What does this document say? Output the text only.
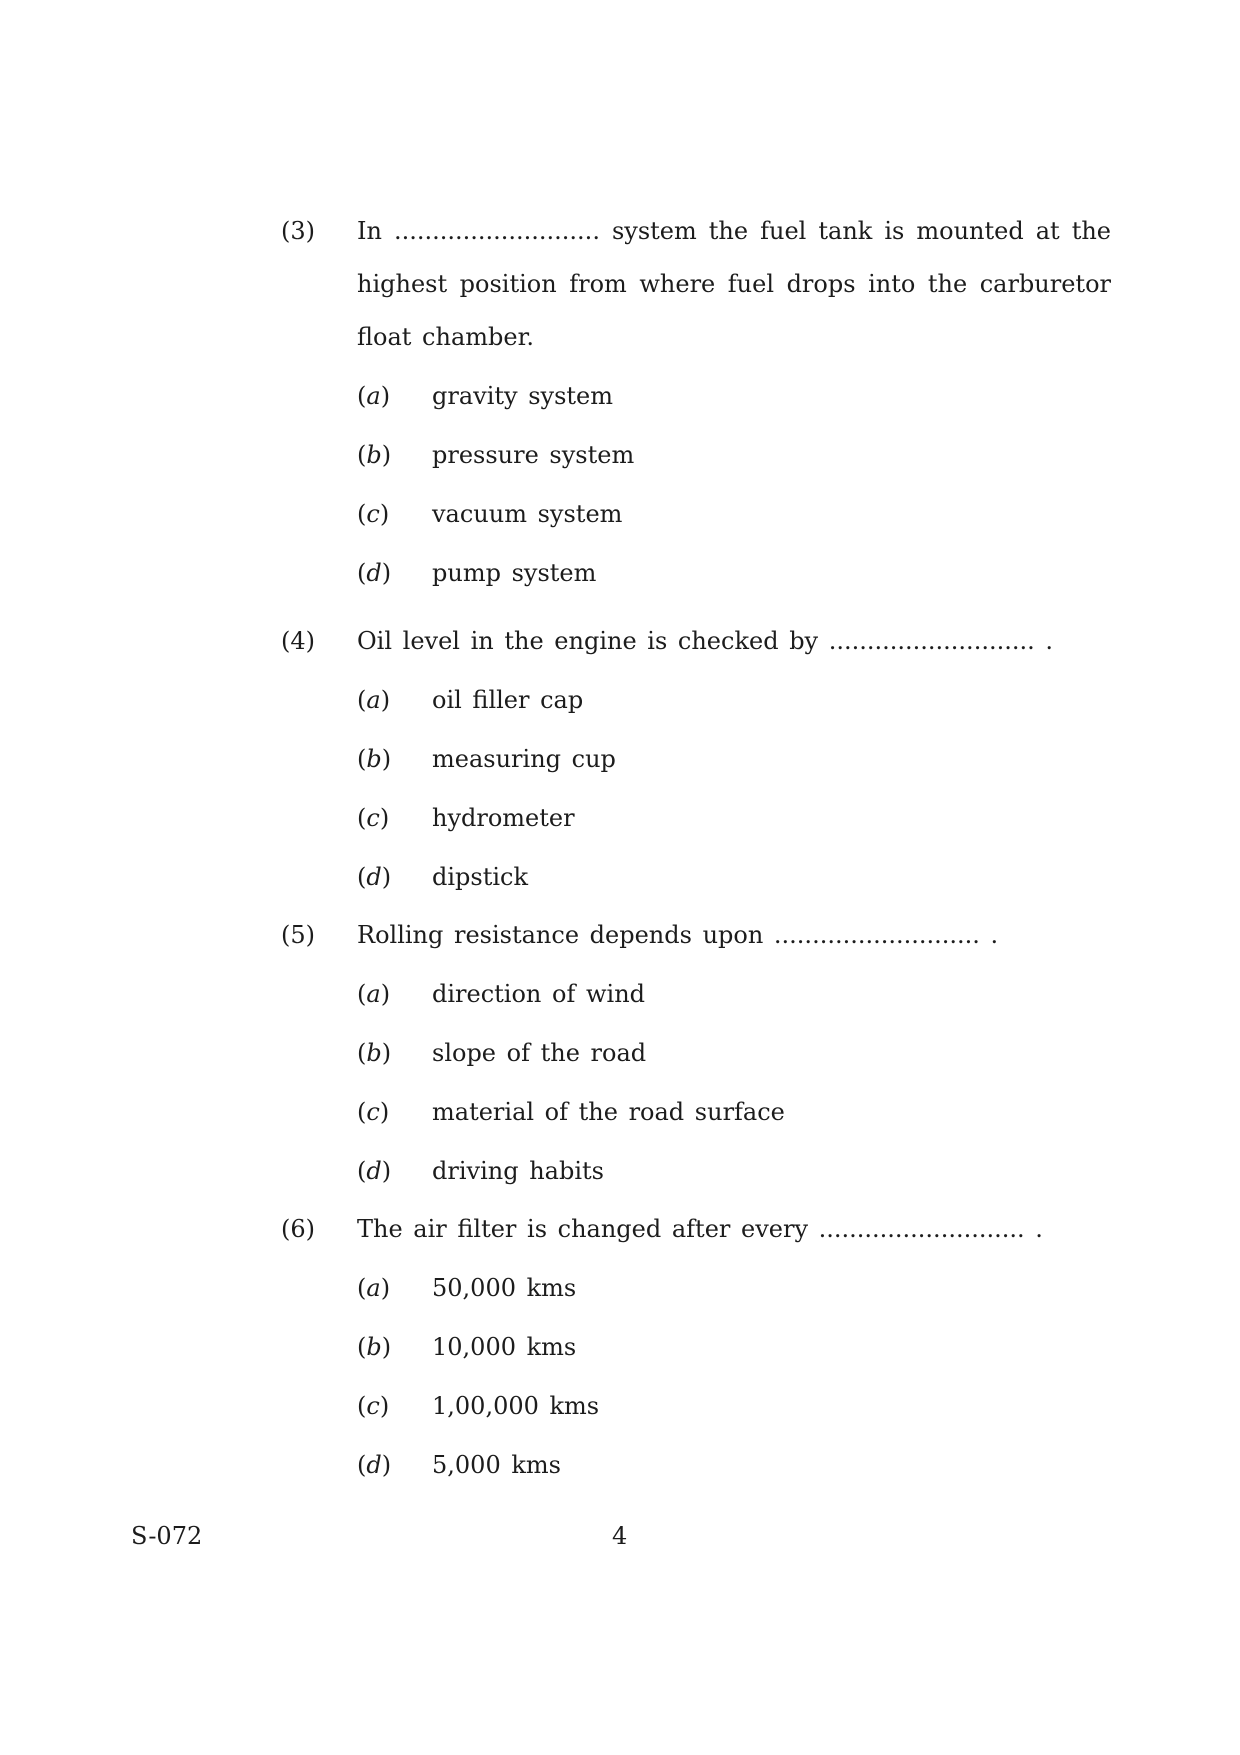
(3) In ........................... system the fuel tank is mounted at the highest position from where fuel drops into the carburetor float chamber.
(a) gravity system
(b) pressure system
(c) vacuum system
(d) pump system
(4) Oil level in the engine is checked by ........................... .
(a) oil filler cap
(b) measuring cup
(c) hydrometer
(d) dipstick
(5) Rolling resistance depends upon ........................... .
(a) direction of wind
(b) slope of the road
(c) material of the road surface
(d) driving habits
(6) The air filter is changed after every ........................... .
(a) 50,000 kms
(b) 10,000 kms
(c) 1,00,000 kms
(d) 5,000 kms
S-072	4
